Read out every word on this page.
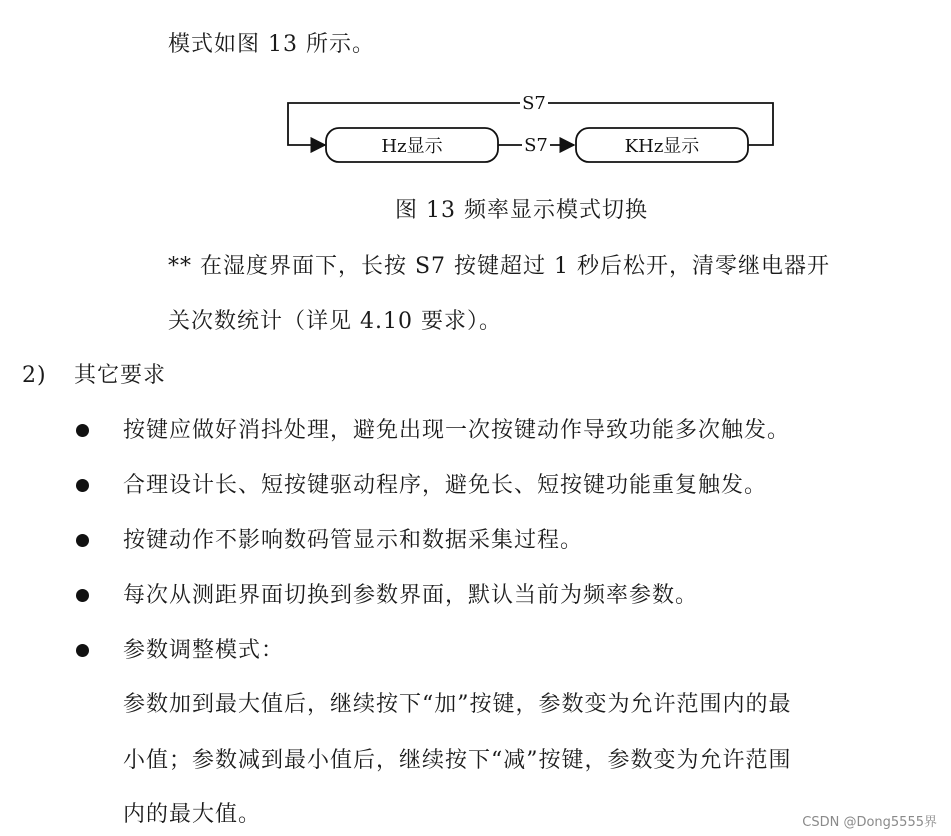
模式如图 13 所示。
S7
Hz显示	S7	KHz显示
图 13 频率显示模式切换
** 在湿度界面下，长按 S7 按键超过 1 秒后松开，清零继电器开
关次数统计（详见 4.10 要求）。
2) 其它要求
按键应做好消抖处理，避免出现一次按键动作导致功能多次触发。
合理设计长、短按键驱动程序，避免长、短按键功能重复触发。
按键动作不影响数码管显示和数据采集过程。
每次从测距界面切换到参数界面，默认当前为频率参数。
参数调整模式：
参数加到最大值后，继续按下“加”按键，参数变为允许范围内的最
小值；参数减到最小值后，继续按下“减”按键，参数变为允许范围
内的最大值。	CSDN @Dong5555界
